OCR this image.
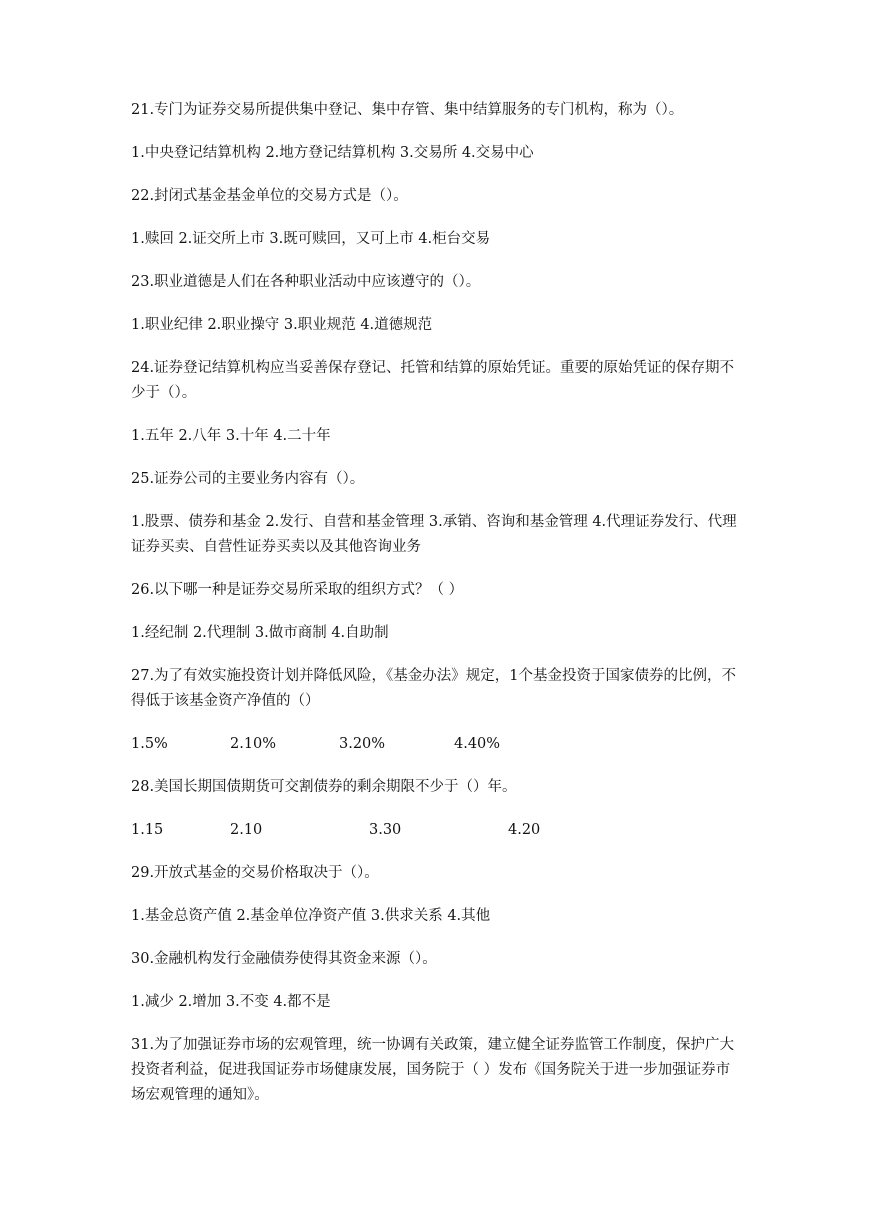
21.专门为证券交易所提供集中登记、集中存管、集中结算服务的专门机构，称为（）。

1.中央登记结算机构 2.地方登记结算机构 3.交易所 4.交易中心

22.封闭式基金基金单位的交易方式是（）。

1.赎回 2.证交所上市 3.既可赎回，又可上市 4.柜台交易

23.职业道德是人们在各种职业活动中应该遵守的（）。

1.职业纪律 2.职业操守 3.职业规范 4.道德规范

24.证券登记结算机构应当妥善保存登记、托管和结算的原始凭证。重要的原始凭证的保存期不少于（）。

1.五年 2.八年 3.十年 4.二十年

25.证券公司的主要业务内容有（）。

1.股票、债券和基金 2.发行、自营和基金管理 3.承销、咨询和基金管理 4.代理证券发行、代理证券买卖、自营性证券买卖以及其他咨询业务

26.以下哪一种是证券交易所采取的组织方式？（ ）

1.经纪制 2.代理制 3.做市商制 4.自助制

27.为了有效实施投资计划并降低风险，《基金办法》规定，1个基金投资于国家债券的比例，不得低于该基金资产净值的（）

1.5%	2.10%	3.20%	4.40%

28.美国长期国债期货可交割债券的剩余期限不少于（）年。

1.15	2.10	3.30	4.20

29.开放式基金的交易价格取决于（）。

1.基金总资产值 2.基金单位净资产值 3.供求关系 4.其他

30.金融机构发行金融债券使得其资金来源（）。

1.减少 2.增加 3.不变 4.都不是

31.为了加强证券市场的宏观管理，统一协调有关政策，建立健全证券监管工作制度，保护广大投资者利益，促进我国证券市场健康发展，国务院于（ ）发布《国务院关于进一步加强证券市场宏观管理的通知》。
